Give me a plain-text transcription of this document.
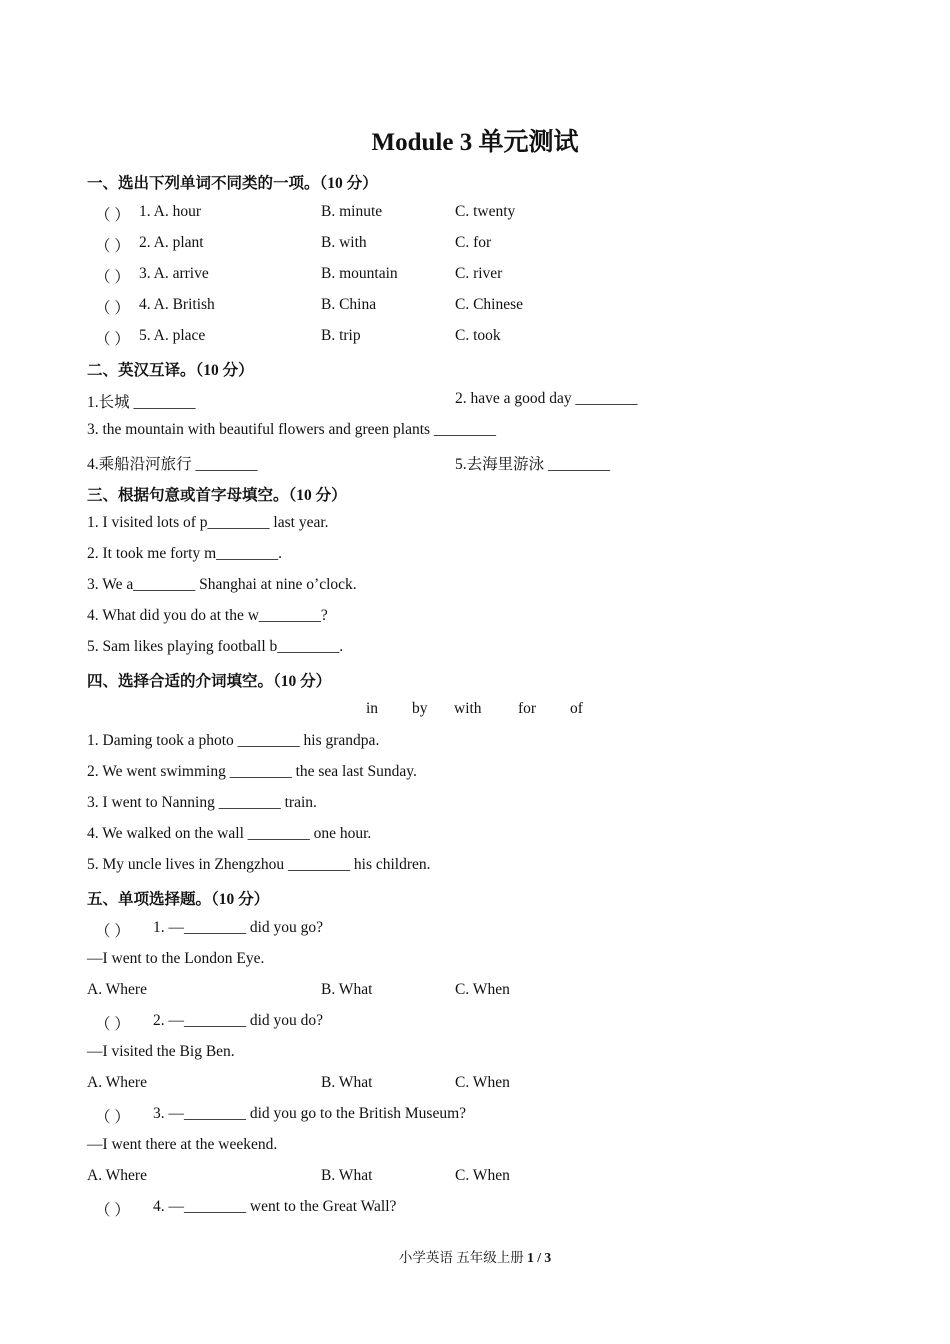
Module 3 单元测试
一、选出下列单词不同类的一项。（10 分）
（ ） 1. A. hour	B. minute	C. twenty
（ ） 2. A. plant	B. with	C. for
（ ） 3. A. arrive	B. mountain	C. river
（ ） 4. A. British	B. China	C. Chinese
（ ） 5. A. place	B. trip	C. took
二、英汉互译。（10 分）
1.长城 ________	2. have a good day ________
3. the mountain with beautiful flowers and green plants ________
4.乘船沿河旅行 ________	5.去海里游泳 ________
三、根据句意或首字母填空。（10 分）
1. I visited lots of p________ last year.
2. It took me forty m________.
3. We a________ Shanghai at nine o’clock.
4. What did you do at the w________?
5. Sam likes playing football b________.
四、选择合适的介词填空。（10 分）
in by with for of
1. Daming took a photo ________ his grandpa.
2. We went swimming ________ the sea last Sunday.
3. I went to Nanning ________ train.
4. We walked on the wall ________ one hour.
5. My uncle lives in Zhengzhou ________ his children.
五、单项选择题。（10 分）
（ ） 1. —________ did you go?
—I went to the London Eye.
A. Where	B. What	C. When
（ ） 2. —________ did you do?
—I visited the Big Ben.
A. Where	B. What	C. When
（ ） 3. —________ did you go to the British Museum?
—I went there at the weekend.
A. Where	B. What	C. When
（ ） 4. —________ went to the Great Wall?
小学英语 五年级上册 1 / 3
